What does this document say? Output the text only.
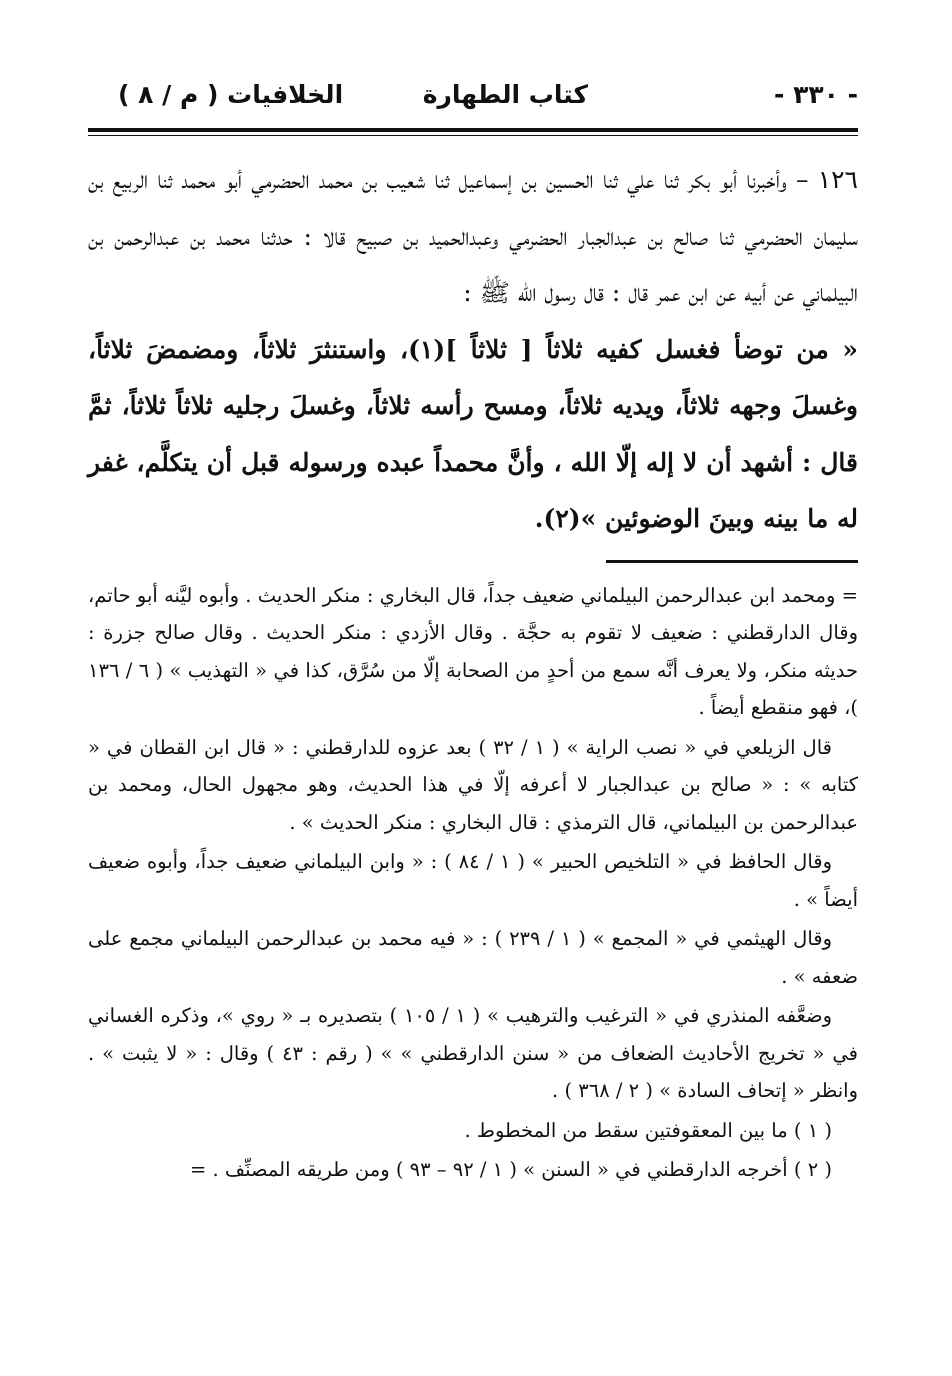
- ٣٣٠ -
كتاب الطهارة
الخلافيات ( م / ٨ )

١٢٦ – وأخبرنا أبو بكر ثنا علي ثنا الحسين بن إسماعيل ثنا شعيب بن محمد الحضرمي أبو محمد ثنا الربيع بن سليمان الحضرمي ثنا صالح بن عبدالجبار الحضرمي وعبدالحميد بن صبيح قالا : حدثنا محمد بن عبدالرحمن بن البيلماني عن أبيه عن ابن عمر قال : قال رسول الله ﷺ :

« من توضأ فغسل كفيه ثلاثاً [ ثلاثاً ](١)، واستنثرَ ثلاثاً، ومضمضَ ثلاثاً، وغسلَ وجهه ثلاثاً، ويديه ثلاثاً، ومسح رأسه ثلاثاً، وغسلَ رجليه ثلاثاً ثلاثاً، ثمَّ قال : أشهد أن لا إله إلّا الله ، وأنَّ محمداً عبده ورسوله قبل أن يتكلَّم، غفر له ما بينه وبينَ الوضوئين »(٢).

= ومحمد ابن عبدالرحمن البيلماني ضعيف جداً، قال البخاري : منكر الحديث . وأبوه ليَّنه أبو حاتم، وقال الدارقطني : ضعيف لا تقوم به حجَّة . وقال الأزدي : منكر الحديث . وقال صالح جزرة : حديثه منكر، ولا يعرف أنَّه سمع من أحدٍ من الصحابة إلّا من سُرَّق، كذا في « التهذيب » ( ٦ / ١٣٦ )، فهو منقطع أيضاً .

قال الزيلعي في « نصب الراية » ( ١ / ٣٢ ) بعد عزوه للدارقطني : « قال ابن القطان في « كتابه » : « صالح بن عبدالجبار لا أعرفه إلّا في هذا الحديث، وهو مجهول الحال، ومحمد بن عبدالرحمن بن البيلماني، قال الترمذي : قال البخاري : منكر الحديث » .

وقال الحافظ في « التلخيص الحبير » ( ١ / ٨٤ ) : « وابن البيلماني ضعيف جداً، وأبوه ضعيف أيضاً » .

وقال الهيثمي في « المجمع » ( ١ / ٢٣٩ ) : « فيه محمد بن عبدالرحمن البيلماني مجمع على ضعفه » .

وضعَّفه المنذري في « الترغيب والترهيب » ( ١ / ١٠٥ ) بتصديره بـ « روي »، وذكره الغساني في « تخريج الأحاديث الضعاف من « سنن الدارقطني » » ( رقم : ٤٣ ) وقال : « لا يثبت » . وانظر « إتحاف السادة » ( ٢ / ٣٦٨ ) .

( ١ ) ما بين المعقوفتين سقط من المخطوط .

( ٢ ) أخرجه الدارقطني في « السنن » ( ١ / ٩٢ – ٩٣ ) ومن طريقه المصنِّف . =
